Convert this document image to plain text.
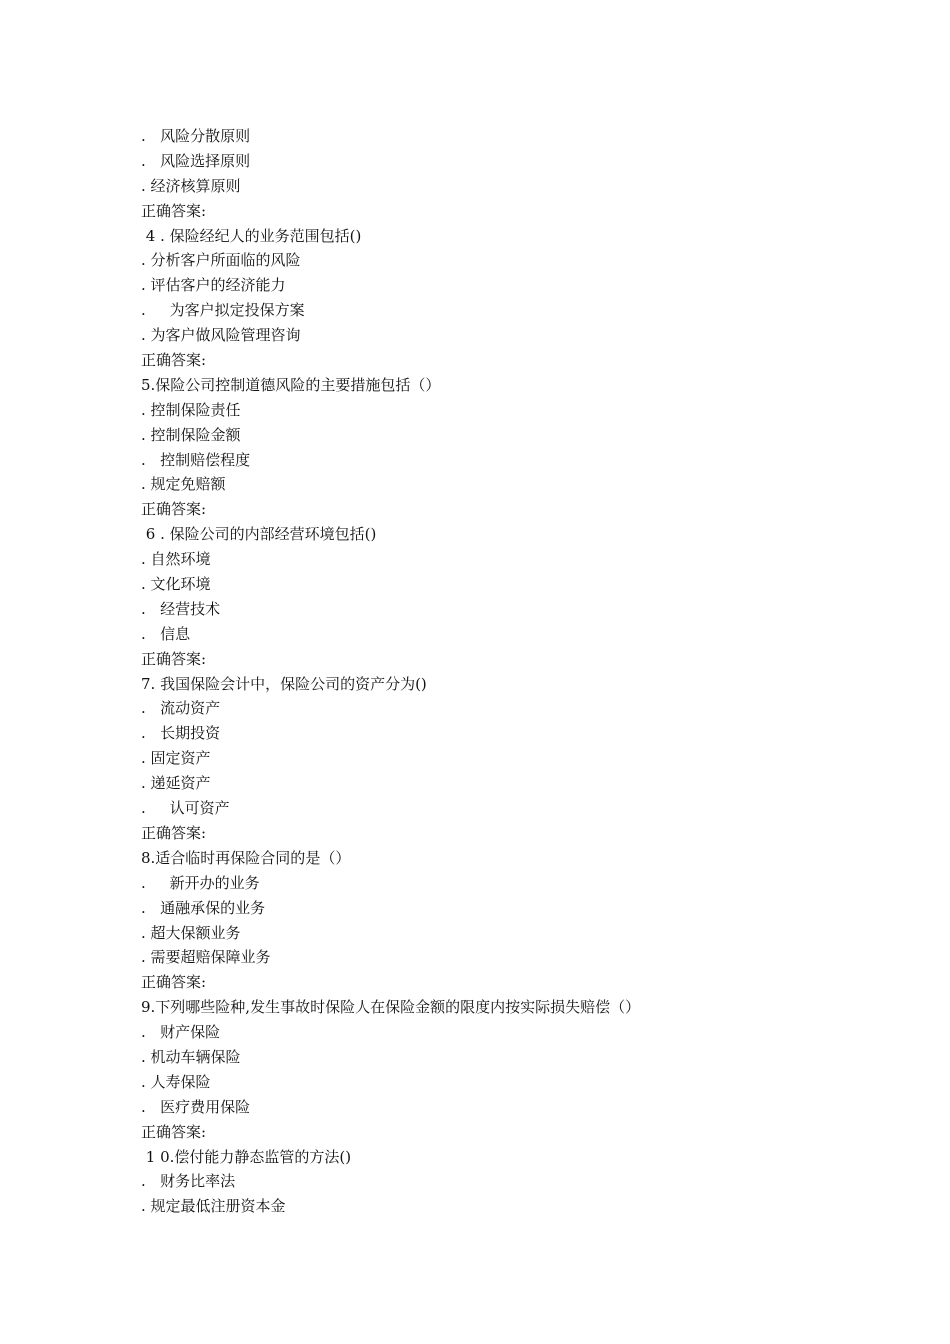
.   风险分散原则
.   风险选择原则
. 经济核算原则
正确答案:
4 . 保险经纪人的业务范围包括()
. 分析客户所面临的风险
. 评估客户的经济能力
.     为客户拟定投保方案
. 为客户做风险管理咨询
正确答案:
5.保险公司控制道德风险的主要措施包括（）
. 控制保险责任
. 控制保险金额
.   控制赔偿程度
. 规定免赔额
正确答案:
6 . 保险公司的内部经营环境包括()
. 自然环境
. 文化环境
.   经营技术
.   信息
正确答案:
7. 我国保险会计中，保险公司的资产分为()
.   流动资产
.   长期投资
. 固定资产
. 递延资产
.     认可资产
正确答案:
8.适合临时再保险合同的是（）
.     新开办的业务
.   通融承保的业务
. 超大保额业务
. 需要超赔保障业务
正确答案:
9.下列哪些险种,发生事故时保险人在保险金额的限度内按实际损失赔偿（）
.   财产保险
. 机动车辆保险
. 人寿保险
.   医疗费用保险
正确答案:
1 0.偿付能力静态监管的方法()
.   财务比率法
. 规定最低注册资本金
